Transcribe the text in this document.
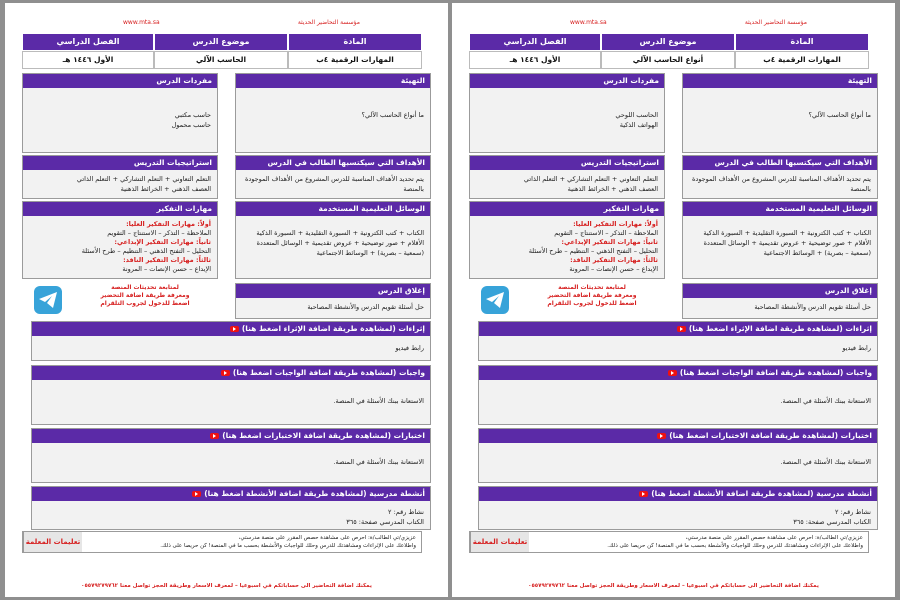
مؤسسة التحاضير الحديثة
www.mta.sa
المادة
موضوع الدرس
الفصل الدراسي
المهارات الرقمية ٤ب
الحاسب الآلي
الأول ١٤٤٦ هـ
التهيئة
ما أنواع الحاسب الآلي؟
مفردات الدرس
حاسب مكتبي
حاسب محمول
الأهداف التي سيكتسبها الطالب في الدرس
يتم تحديد الأهداف المناسبة للدرس المشروع من الأهداف الموجودة بالمنصة
استراتيجيات التدريس
التعلم التعاوني + التعلم التشاركي + التعلم الذاتي
العصف الذهني + الخرائط الذهنية
الوسائل التعليمية المستخدمة
الكتاب + كتب الكترونية + السبورة التقليدية + السبورة الذكية
الأقلام + صور توضيحية + عروض تقديمية + الوسائل المتعددة
(سمعية – بصرية) + الوسائط الاجتماعية
مهارات التفكير
أولاً: مهارات التفكير العليا:
الملاحظة – التذكر – الاستنتاج – التقويم
ثانياً: مهارات التفكير الإبداعي:
التحليل – التفتح الذهني – التنظيم – طرح الأسئلة
ثالثاً: مهارات التفكير الناقد:
الإبداع – حسن الإنصات – المرونة
إغلاق الدرس
حل أسئلة تقويم الدرس والأنشطة المصاحبة
لمتابعة تحديثات المنصة
ومعرفة طريقة اضافة التحضير
اضغط للدخول لجروب التلقرام
إثراءات (لمشاهدة طريقة اضافة الإثراء اضغط هنا)
رابط فيديو
واجبات (لمشاهدة طريقة اضافة الواجبات اضغط هنا)
الاستعانة ببنك الأسئلة في المنصة.
اختبارات (لمشاهدة طريقة اضافة الاختبارات اضغط هنا)
الاستعانة ببنك الأسئلة في المنصة.
أنشطة مدرسية (لمشاهدة طريقة اضافة الأنشطة اضغط هنا)
نشاط رقم: ٢
الكتاب المدرسي صفحة: ٣٦٥
عزيزي/تي الطالب/ة: احرص على مشاهدة حصص المقرر على منصة مدرستي،
واطلاعك على الإثراءات ومشاهدتك للدرس وحلك للواجبات والأنشطة بحسب ما في المنصة! كن حريصا على ذلك.
تعليمات المعلمة
يمكنك اضافة التحاضير الى حساباتكم في اسبوعيا – لمعرف الاسعار وطريقة الحجز تواصل معنا ٠٥٥٧٩٢٧٩٧٦٢
مؤسسة التحاضير الحديثة
www.mta.sa
المادة
موضوع الدرس
الفصل الدراسي
المهارات الرقمية ٤ب
أنواع الحاسب الآلي
الأول ١٤٤٦ هـ
التهيئة
ما أنواع الحاسب الآلي؟
مفردات الدرس
الحاسب اللوحي
الهواتف الذكية
الأهداف التي سيكتسبها الطالب في الدرس
يتم تحديد الأهداف المناسبة للدرس المشروع من الأهداف الموجودة بالمنصة
استراتيجيات التدريس
التعلم التعاوني + التعلم التشاركي + التعلم الذاتي
العصف الذهني + الخرائط الذهنية
الوسائل التعليمية المستخدمة
الكتاب + كتب الكترونية + السبورة التقليدية + السبورة الذكية
الأقلام + صور توضيحية + عروض تقديمية + الوسائل المتعددة
(سمعية – بصرية) + الوسائط الاجتماعية
مهارات التفكير
أولاً: مهارات التفكير العليا:
الملاحظة – التذكر – الاستنتاج – التقويم
ثانياً: مهارات التفكير الإبداعي:
التحليل – التفتح الذهني – التنظيم – طرح الأسئلة
ثالثاً: مهارات التفكير الناقد:
الإبداع – حسن الإنصات – المرونة
إغلاق الدرس
حل أسئلة تقويم الدرس والأنشطة المصاحبة
لمتابعة تحديثات المنصة
ومعرفة طريقة اضافة التحضير
اضغط للدخول لجروب التلقرام
إثراءات (لمشاهدة طريقة اضافة الإثراء اضغط هنا)
رابط فيديو
واجبات (لمشاهدة طريقة اضافة الواجبات اضغط هنا)
الاستعانة ببنك الأسئلة في المنصة.
اختبارات (لمشاهدة طريقة اضافة الاختبارات اضغط هنا)
الاستعانة ببنك الأسئلة في المنصة.
أنشطة مدرسية (لمشاهدة طريقة اضافة الأنشطة اضغط هنا)
نشاط رقم: ٢
الكتاب المدرسي صفحة: ٣٦٥
عزيزي/تي الطالب/ة: احرص على مشاهدة حصص المقرر على منصة مدرستي،
واطلاعك على الإثراءات ومشاهدتك للدرس وحلك للواجبات والأنشطة بحسب ما في المنصة! كن حريصا على ذلك.
تعليمات المعلمة
يمكنك اضافة التحاضير الى حساباتكم في اسبوعيا – لمعرف الاسعار وطريقة الحجز تواصل معنا ٠٥٥٧٩٢٧٩٧٦٢
